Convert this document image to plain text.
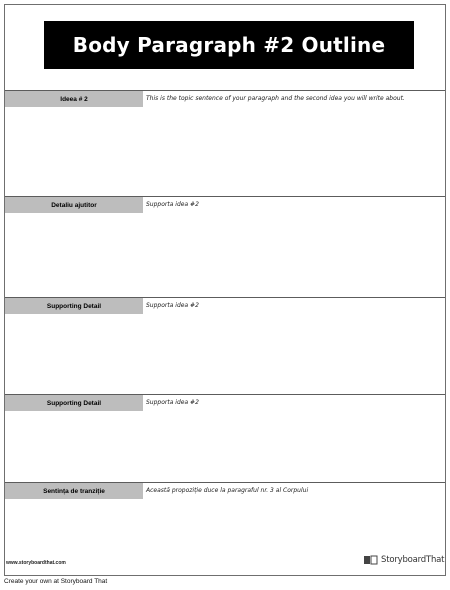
Body Paragraph #2 Outline
Ideea # 2	This is the topic sentence of your paragraph and the second idea you will write about.
Detaliu ajutitor	Supporta idea #2
Supporting Detail	Supporta idea #2
Supporting Detail	Supporta idea #2
Sentința de tranziție	Această propoziție duce la paragraful nr. 3 al Corpului
www.storyboardthat.com	StoryboardThat
Create your own at Storyboard That
